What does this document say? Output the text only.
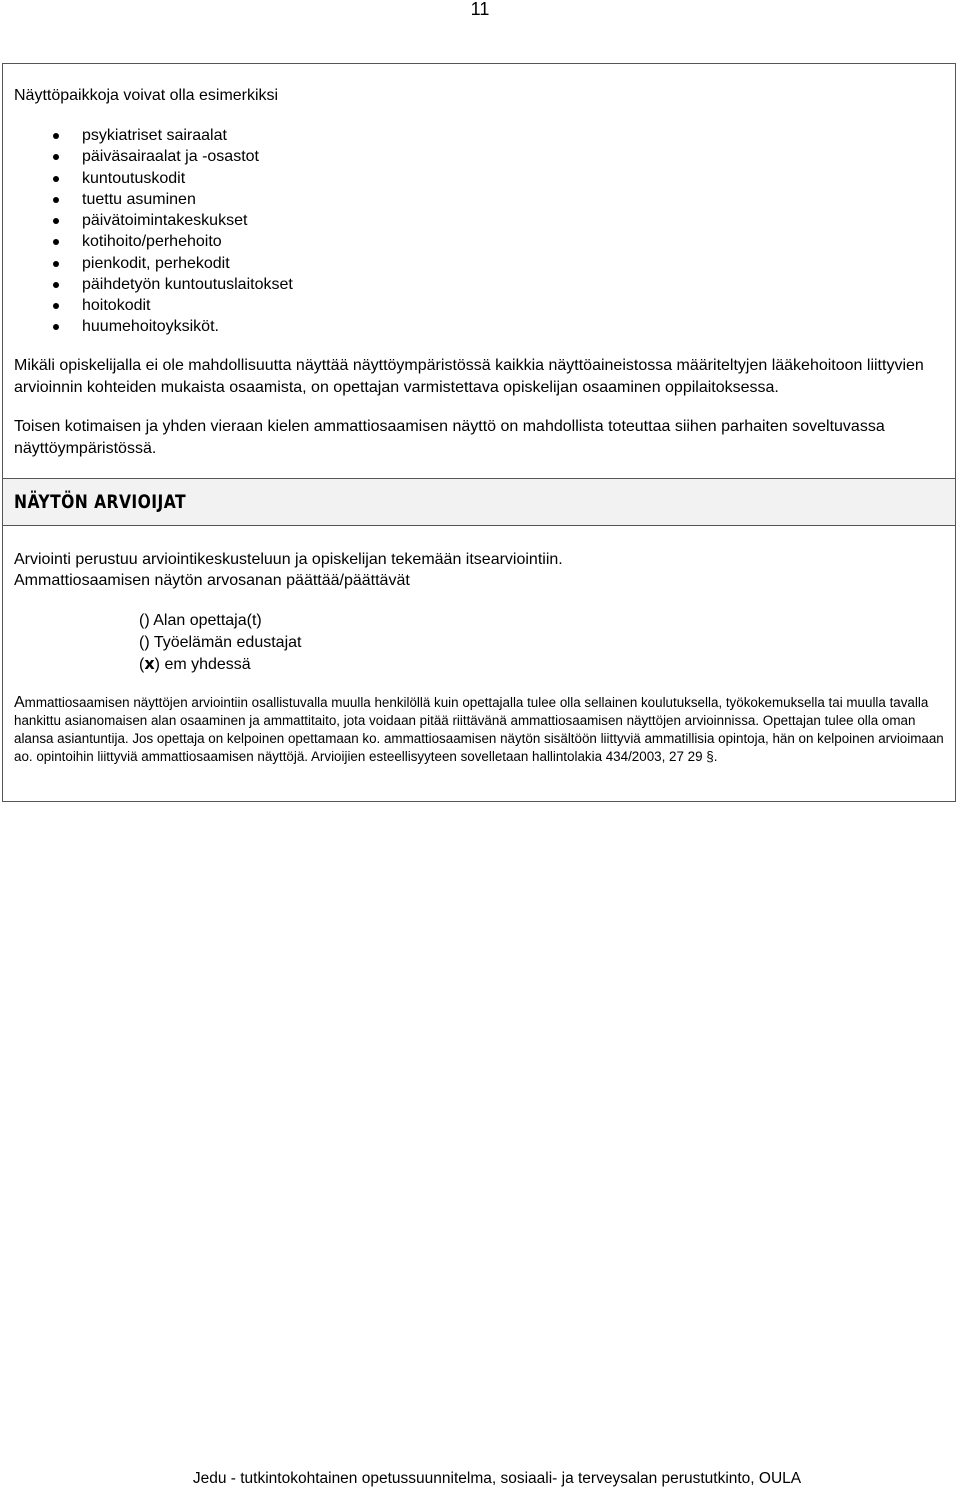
11
Näyttöpaikkoja voivat olla esimerkiksi
psykiatriset sairaalat
päiväsairaalat ja -osastot
kuntoutuskodit
tuettu asuminen
päivätoimintakeskukset
kotihoito/perhehoito
pienkodit, perhekodit
päihdetyön kuntoutuslaitokset
hoitokodit
huumehoitoyksiköt.

Mikäli opiskelijalla ei ole mahdollisuutta näyttää näyttöympäristössä kaikkia näyttöaineistossa määriteltyjen lääkehoitoon liittyvien arvioinnin kohteiden mukaista osaamista, on opettajan varmistettava opiskelijan osaaminen oppilaitoksessa.

Toisen kotimaisen ja yhden vieraan kielen ammattiosaamisen näyttö on mahdollista toteuttaa siihen parhaiten soveltuvassa näyttöympäristössä.

NÄYTÖN ARVIOIJAT
Arviointi perustuu arviointikeskusteluun ja opiskelijan tekemään itsearviointiin.
Ammattiosaamisen näytön arvosanan päättää/päättävät
() Alan opettaja(t)
() Työelämän edustajat
(x) em yhdessä

Ammattiosaamisen näyttöjen arviointiin osallistuvalla muulla henkilöllä kuin opettajalla tulee olla sellainen koulutuksella, työkokemuksella tai muulla tavalla hankittu asianomaisen alan osaaminen ja ammattitaito, jota voidaan pitää riittävänä ammattiosaamisen näyttöjen arvioinnissa. Opettajan tulee olla oman alansa asiantuntija. Jos opettaja on kelpoinen opettamaan ko. ammattiosaamisen näytön sisältöön liittyviä ammatillisia opintoja, hän on kelpoinen arvioimaan ao. opintoihin liittyviä ammattiosaamisen näyttöjä. Arvioijien esteellisyyteen sovelletaan hallintolakia 434/2003, 27 29 §.

Jedu - tutkintokohtainen opetussuunnitelma, sosiaali- ja terveysalan perustutkinto, OULA
